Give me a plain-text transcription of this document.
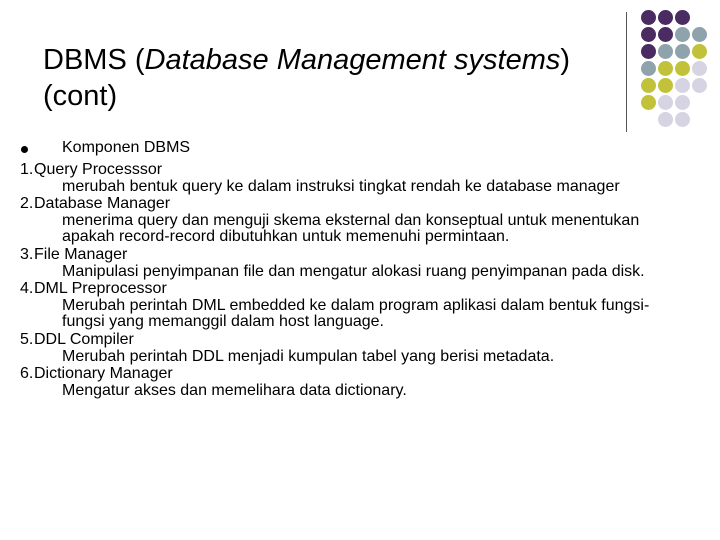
DBMS (Database Management systems) (cont)
Komponen DBMS
1. Query Processsor
merubah bentuk query ke dalam instruksi tingkat rendah ke database manager
2. Database Manager
menerima query dan menguji skema eksternal dan konseptual untuk menentukan apakah record-record dibutuhkan untuk memenuhi permintaan.
3. File Manager
Manipulasi penyimpanan file dan mengatur alokasi ruang penyimpanan pada disk.
4. DML Preprocessor
Merubah perintah DML embedded ke dalam program aplikasi dalam bentuk fungsi-fungsi yang memanggil dalam host language.
5. DDL Compiler
Merubah perintah DDL menjadi kumpulan tabel yang berisi metadata.
6. Dictionary Manager
Mengatur akses dan memelihara data dictionary.
